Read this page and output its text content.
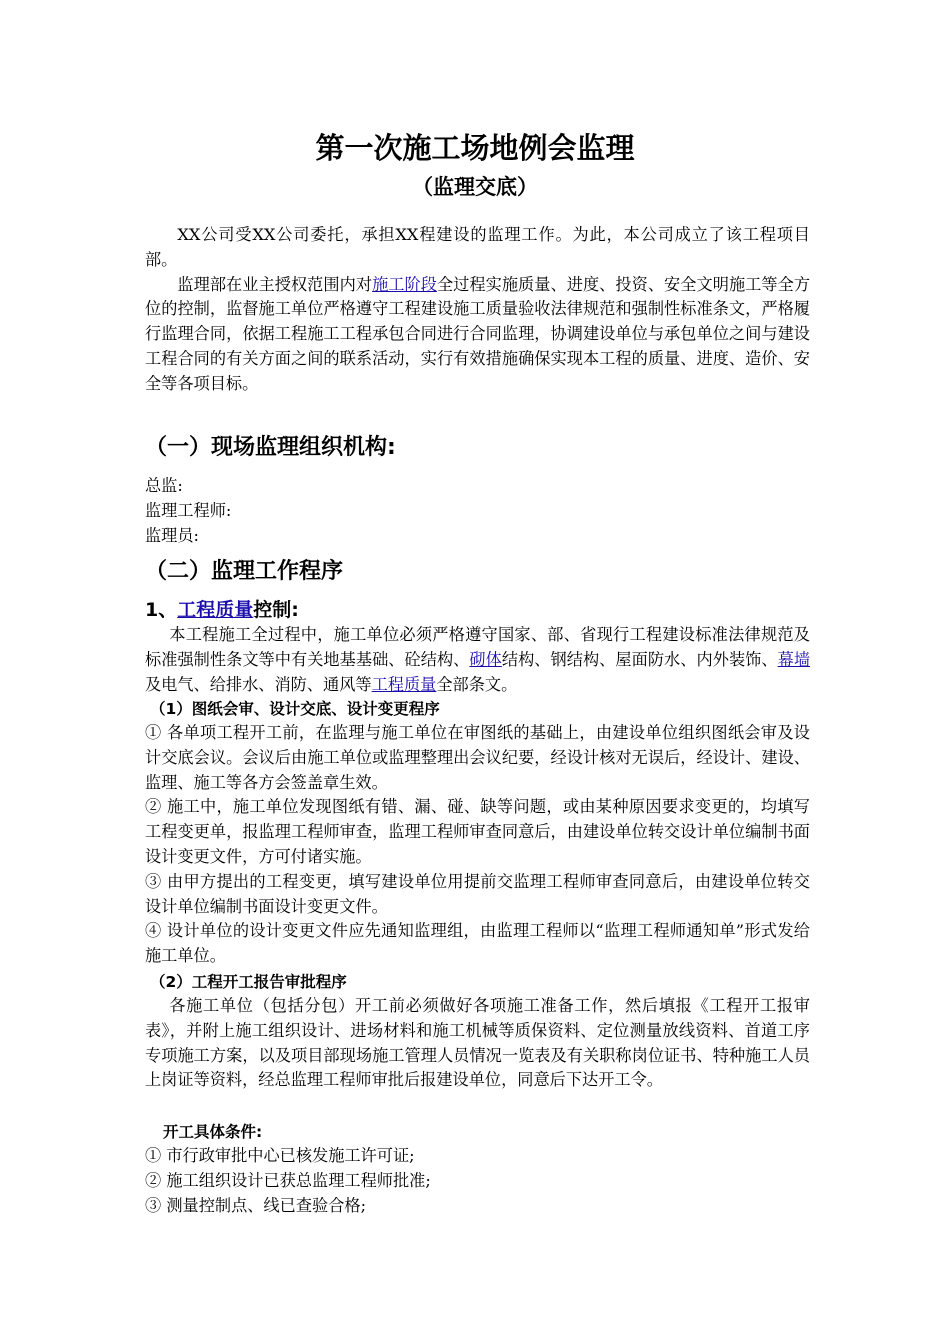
第一次施工场地例会监理
（监理交底）

XX公司受XX公司委托，承担XX程建设的监理工作。为此，本公司成立了该工程项目部。

监理部在业主授权范围内对施工阶段全过程实施质量、进度、投资、安全文明施工等全方位的控制，监督施工单位严格遵守工程建设施工质量验收法律规范和强制性标准条文，严格履行监理合同，依据工程施工工程承包合同进行合同监理，协调建设单位与承包单位之间与建设工程合同的有关方面之间的联系活动，实行有效措施确保实现本工程的质量、进度、造价、安全等各项目标。

（一）现场监理组织机构:
总监:
监理工程师:
监理员:
（二）监理工作程序
1、工程质量控制:

本工程施工全过程中，施工单位必须严格遵守国家、部、省现行工程建设标准法律规范及标准强制性条文等中有关地基基础、砼结构、砌体结构、钢结构、屋面防水、内外装饰、幕墙及电气、给排水、消防、通风等工程质量全部条文。

（1）图纸会审、设计交底、设计变更程序

① 各单项工程开工前，在监理与施工单位在审图纸的基础上，由建设单位组织图纸会审及设计交底会议。会议后由施工单位或监理整理出会议纪要，经设计核对无误后，经设计、建设、监理、施工等各方会签盖章生效。

② 施工中，施工单位发现图纸有错、漏、碰、缺等问题，或由某种原因要求变更的，均填写工程变更单，报监理工程师审查，监理工程师审查同意后，由建设单位转交设计单位编制书面设计变更文件，方可付诸实施。

③ 由甲方提出的工程变更，填写建设单位用提前交监理工程师审查同意后，由建设单位转交设计单位编制书面设计变更文件。

④ 设计单位的设计变更文件应先通知监理组，由监理工程师以“监理工程师通知单”形式发给施工单位。

（2）工程开工报告审批程序

各施工单位（包括分包）开工前必须做好各项施工准备工作，然后填报《工程开工报审表》，并附上施工组织设计、进场材料和施工机械等质保资料、定位测量放线资料、首道工序专项施工方案，以及项目部现场施工管理人员情况一览表及有关职称岗位证书、特种施工人员上岗证等资料，经总监理工程师审批后报建设单位，同意后下达开工令。

开工具体条件:
① 市行政审批中心已核发施工许可证;
② 施工组织设计已获总监理工程师批准;
③ 测量控制点、线已查验合格;
